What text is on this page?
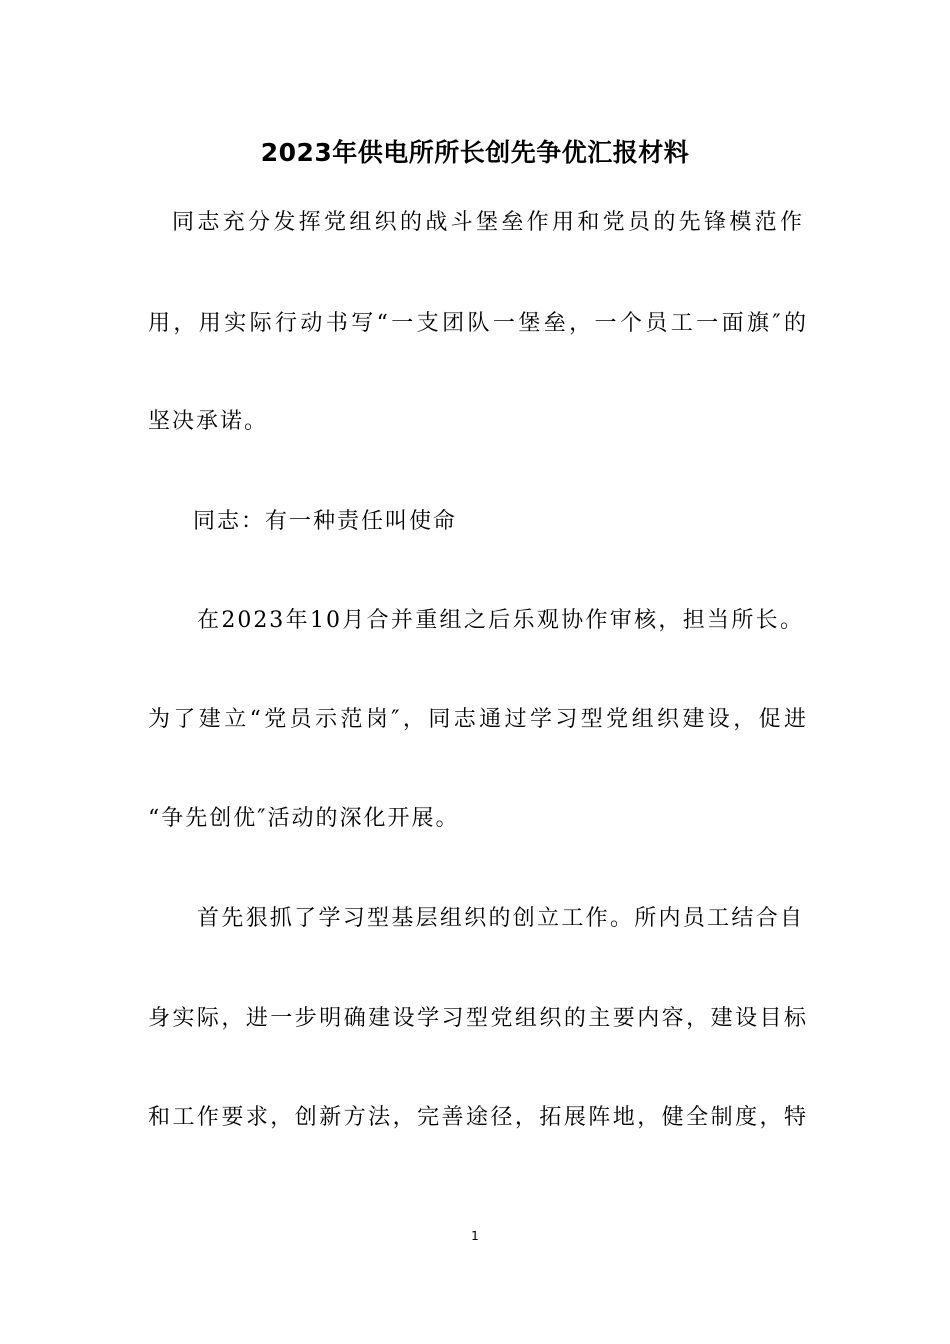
2023年供电所所长创先争优汇报材料
同志充分发挥党组织的战斗堡垒作用和党员的先锋模范作
用，用实际行动书写“一支团队一堡垒，一个员工一面旗″的
坚决承诺。
同志：有一种责任叫使命
在2023年10月合并重组之后乐观协作审核，担当所长。
为了建立“党员示范岗″，同志通过学习型党组织建设，促进
“争先创优″活动的深化开展。
首先狠抓了学习型基层组织的创立工作。所内员工结合自
身实际，进一步明确建设学习型党组织的主要内容，建设目标
和工作要求，创新方法，完善途径，拓展阵地，健全制度，特
1
